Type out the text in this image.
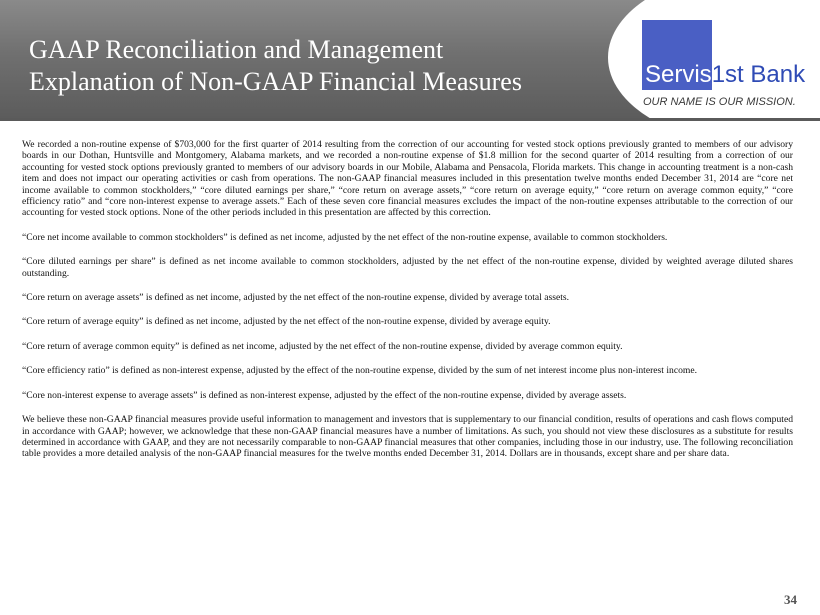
GAAP Reconciliation and Management
Explanation of Non-GAAP Financial Measures	Servis1st Bank
OUR NAME IS OUR MISSION.

We recorded a non-routine expense of $703,000 for the first quarter of 2014 resulting from the correction of our accounting for vested stock options previously granted to members of our advisory boards in our Dothan, Huntsville and Montgomery, Alabama markets, and we recorded a non-routine expense of $1.8 million for the second quarter of 2014 resulting from a correction of our accounting for vested stock options previously granted to members of our advisory boards in our Mobile, Alabama and Pensacola, Florida markets. This change in accounting treatment is a non-cash item and does not impact our operating activities or cash from operations. The non-GAAP financial measures included in this presentation twelve months ended December 31, 2014 are “core net income available to common stockholders,” “core diluted earnings per share,” “core return on average assets,” “core return on average equity,” “core return on average common equity,” “core efficiency ratio” and “core non-interest expense to average assets.” Each of these seven core financial measures excludes the impact of the non-routine expenses attributable to the correction of our accounting for vested stock options. None of the other periods included in this presentation are affected by this correction.

“Core net income available to common stockholders” is defined as net income, adjusted by the net effect of the non-routine expense, available to common stockholders.

“Core diluted earnings per share” is defined as net income available to common stockholders, adjusted by the net effect of the non-routine expense, divided by weighted average diluted shares outstanding.

“Core return on average assets” is defined as net income, adjusted by the net effect of the non-routine expense, divided by average total assets.

“Core return of average equity” is defined as net income, adjusted by the net effect of the non-routine expense, divided by average equity.

“Core return of average common equity” is defined as net income, adjusted by the net effect of the non-routine expense, divided by average common equity.

“Core efficiency ratio” is defined as non-interest expense, adjusted by the effect of the non-routine expense, divided by the sum of net interest income plus non-interest income.

“Core non-interest expense to average assets” is defined as non-interest expense, adjusted by the effect of the non-routine expense, divided by average assets.

We believe these non-GAAP financial measures provide useful information to management and investors that is supplementary to our financial condition, results of operations and cash flows computed in accordance with GAAP; however, we acknowledge that these non-GAAP financial measures have a number of limitations. As such, you should not view these disclosures as a substitute for results determined in accordance with GAAP, and they are not necessarily comparable to non-GAAP financial measures that other companies, including those in our industry, use. The following reconciliation table provides a more detailed analysis of the non-GAAP financial measures for the twelve months ended December 31, 2014. Dollars are in thousands, except share and per share data.

34
